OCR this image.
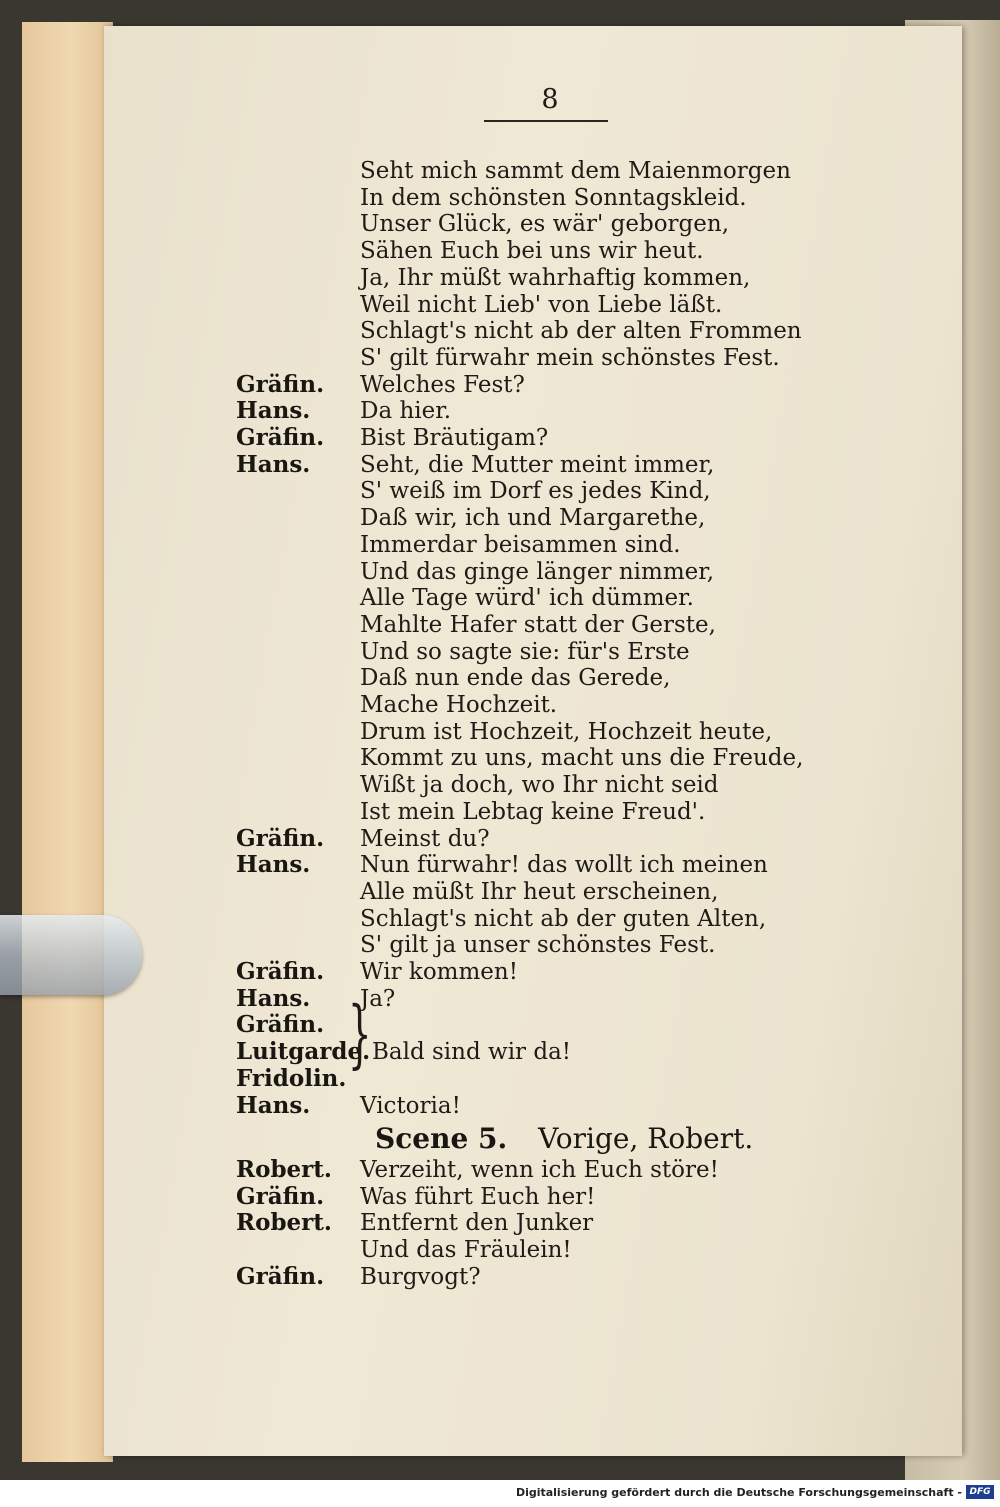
8
Seht mich sammt dem Maienmorgen
In dem schönsten Sonntagskleid.
Unser Glück, es wär' geborgen,
Sähen Euch bei uns wir heut.
Ja, Ihr müßt wahrhaftig kommen,
Weil nicht Lieb' von Liebe läßt.
Schlagt's nicht ab der alten Frommen
S' gilt fürwahr mein schönstes Fest.
Gräfin. Welches Fest?
Hans. Da hier.
Gräfin. Bist Bräutigam?
Hans. Seht, die Mutter meint immer,
S' weiß im Dorf es jedes Kind,
Daß wir, ich und Margarethe,
Immerdar beisammen sind.
Und das ginge länger nimmer,
Alle Tage würd' ich dümmer.
Mahlte Hafer statt der Gerste,
Und so sagte sie: für's Erste
Daß nun ende das Gerede,
Mache Hochzeit.
Drum ist Hochzeit, Hochzeit heute,
Kommt zu uns, macht uns die Freude,
Wißt ja doch, wo Ihr nicht seid
Ist mein Lebtag keine Freud'.
Gräfin. Meinst du?
Hans. Nun fürwahr! das wollt ich meinen
Alle müßt Ihr heut erscheinen,
Schlagt's nicht ab der guten Alten,
S' gilt ja unser schönstes Fest.
Gräfin. Wir kommen!
Hans. Ja?
Gräfin.
Luitgarde.
Fridolin.
Bald sind wir da!
Hans. Victoria!
Robert. Verzeiht, wenn ich Euch störe!
Gräfin. Was führt Euch her!
Robert. Entfernt den Junker
Und das Fräulein!
Gräfin. Burgvogt?
}
Scene 5. Vorige, Robert.
Digitalisierung gefördert durch die Deutsche Forschungsgemeinschaft - DFG
